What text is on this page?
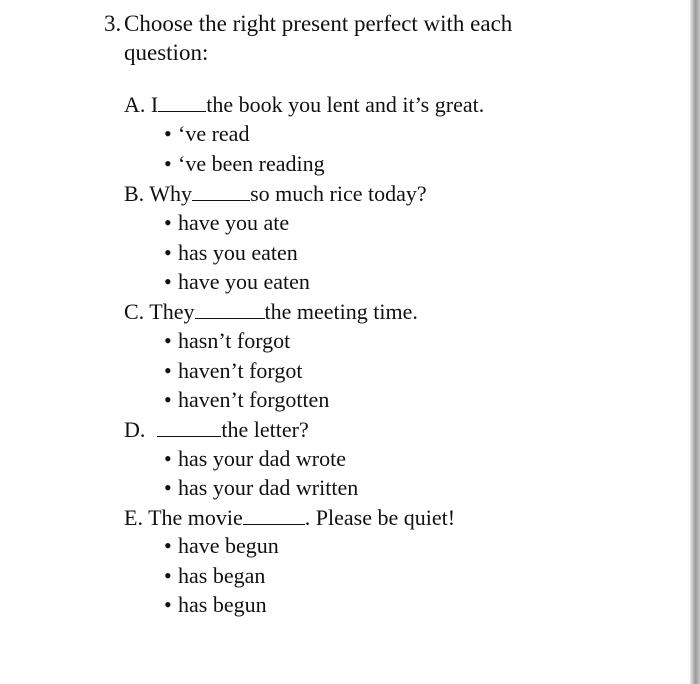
3. Choose the right present perfect with each
question:
A. I the book you lent and it’s great.
• ‘ve read
• ‘ve been reading
B. Why	so much rice today?
• have you ate
• has you eaten
• have you eaten
C. They	the meeting time.
• hasn’t forgot
• haven’t forgot
• haven’t forgotten
D.	the letter?
• has your dad wrote
• has your dad written
E. The movie	. Please be quiet!
• have begun
• has began
• has begun
